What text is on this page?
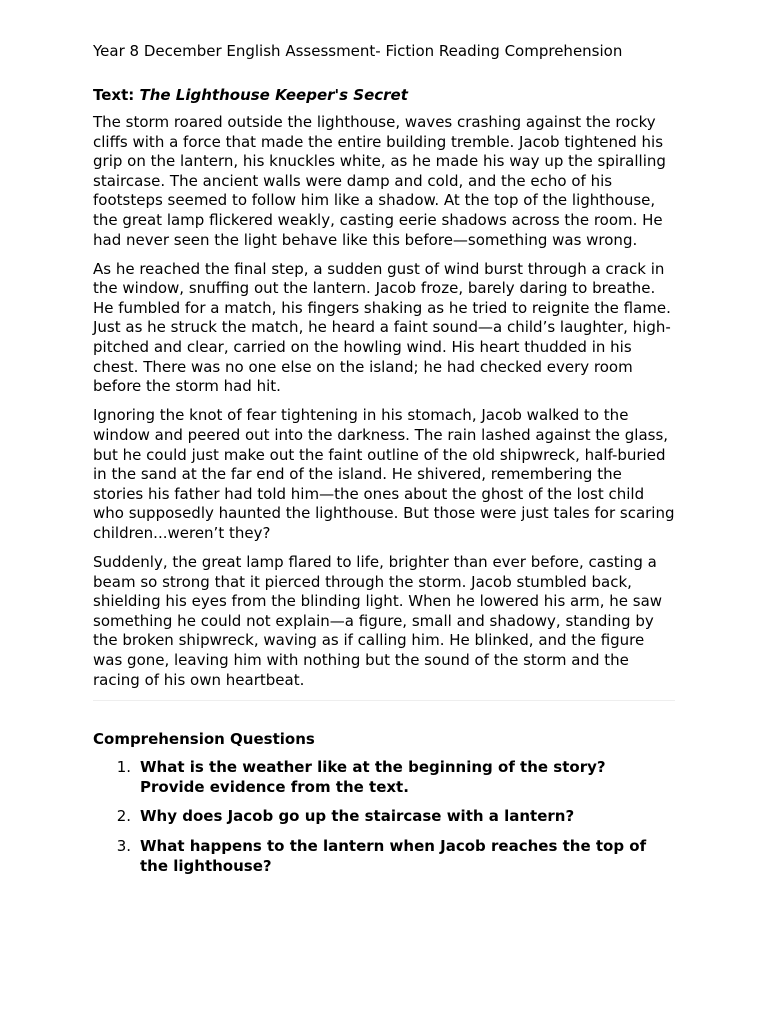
Year 8 December English Assessment- Fiction Reading Comprehension
Text: The Lighthouse Keeper's Secret

The storm roared outside the lighthouse, waves crashing against the rocky cliffs with a force that made the entire building tremble. Jacob tightened his grip on the lantern, his knuckles white, as he made his way up the spiralling staircase. The ancient walls were damp and cold, and the echo of his footsteps seemed to follow him like a shadow. At the top of the lighthouse, the great lamp flickered weakly, casting eerie shadows across the room. He had never seen the light behave like this before—something was wrong.

As he reached the final step, a sudden gust of wind burst through a crack in the window, snuffing out the lantern. Jacob froze, barely daring to breathe. He fumbled for a match, his fingers shaking as he tried to reignite the flame. Just as he struck the match, he heard a faint sound—a child’s laughter, high-pitched and clear, carried on the howling wind. His heart thudded in his chest. There was no one else on the island; he had checked every room before the storm had hit.

Ignoring the knot of fear tightening in his stomach, Jacob walked to the window and peered out into the darkness. The rain lashed against the glass, but he could just make out the faint outline of the old shipwreck, half-buried in the sand at the far end of the island. He shivered, remembering the stories his father had told him—the ones about the ghost of the lost child who supposedly haunted the lighthouse. But those were just tales for scaring children...weren’t they?

Suddenly, the great lamp flared to life, brighter than ever before, casting a beam so strong that it pierced through the storm. Jacob stumbled back, shielding his eyes from the blinding light. When he lowered his arm, he saw something he could not explain—a figure, small and shadowy, standing by the broken shipwreck, waving as if calling him. He blinked, and the figure was gone, leaving him with nothing but the sound of the storm and the racing of his own heartbeat.

Comprehension Questions
1. What is the weather like at the beginning of the story? Provide evidence from the text.
2. Why does Jacob go up the staircase with a lantern?
3. What happens to the lantern when Jacob reaches the top of the lighthouse?
